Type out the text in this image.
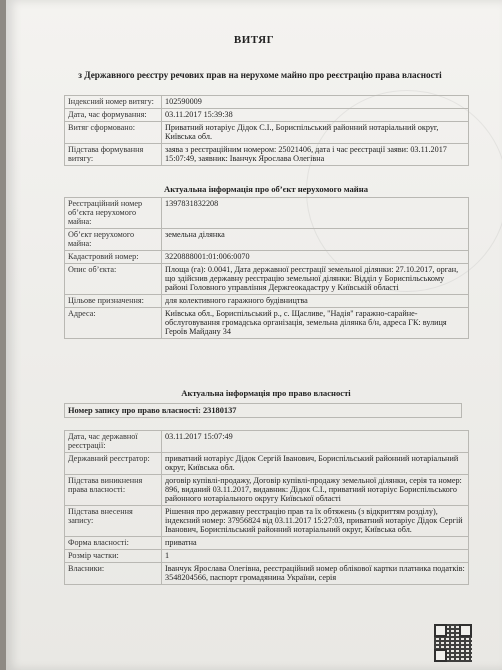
ВИТЯГ
з Державного реєстру речових прав на нерухоме майно про реєстрацію права власності
Індексний номер витягу:	102590009
Дата, час формування:	03.11.2017 15:39:38
Витяг сформовано:	Приватний нотаріус Дідок С.І., Бориспільський районний нотаріальний округ, Київська обл.
Підстава формування витягу:	заява з реєстраційним номером: 25021406, дата і час реєстрації заяви: 03.11.2017 15:07:49, заявник: Іванчук Ярослава Олегівна
Актуальна інформація про об’єкт нерухомого майна
Реєстраційний номер об’єкта нерухомого майна:	1397831832208
Об’єкт нерухомого майна:	земельна ділянка
Кадастровий номер:	3220888001:01:006:0070
Опис об’єкта:	Площа (га): 0.0041, Дата державної реєстрації земельної ділянки: 27.10.2017, орган, що здійснив державну реєстрацію земельної ділянки: Відділ у Бориспільському районі Головного управління Держгеокадастру у Київській області
Цільове призначення:	для колективного гаражного будівництва
Адреса:	Київська обл., Бориспільський р., с. Щасливе, "Надія" гаражно-сарайне-обслуговування громадська організація, земельна ділянка б/н, адреса ГК: вулиця Героїв Майдану 34
Актуальна інформація про право власності
Номер запису про право власності: 23180137
Дата, час державної реєстрації:	03.11.2017 15:07:49
Державний реєстратор:	приватний нотаріус Дідок Сергій Іванович, Бориспільський районний нотаріальний округ, Київська обл.
Підстава виникнення права власності:	договір купівлі-продажу, Договір купівлі-продажу земельної ділянки, серія та номер: 896, виданий 03.11.2017, видавник: Дідок С.І., приватний нотаріус Бориспільського районного нотаріального округу Київської області
Підстава внесення запису:	Рішення про державну реєстрацію прав та їх обтяжень (з відкриттям розділу), індексний номер: 37956824 від 03.11.2017 15:27:03, приватний нотаріус Дідок Сергій Іванович, Бориспільський районний нотаріальний округ, Київська обл.
Форма власності:	приватна
Розмір частки:	1
Власники:	Іванчук Ярослава Олегівна, реєстраційний номер облікової картки платника податків: 3548204566, паспорт громадянина України, серія
